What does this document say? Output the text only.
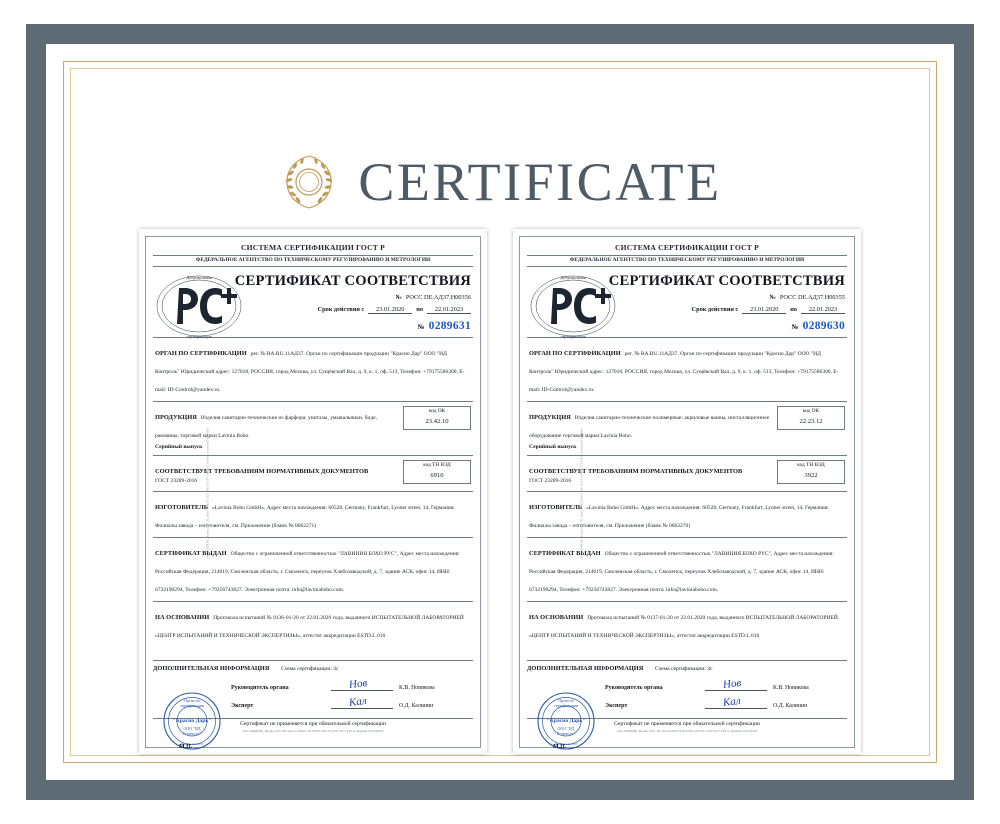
CERTIFICATE
ЗАО «ОПЦИОН», Москва, 2019, ЗН, Заказ № 0662271 ИСО 9001-2018 ТУ 2018, ГОСТ Р ИСО, лицензия 05-05-09/002
СИСТЕМА СЕРТИФИКАЦИИ ГОСТ Р
ФЕДЕРАЛЬНОЕ АГЕНТСТВО ПО ТЕХНИЧЕСКОМУ РЕГУЛИРОВАНИЮ И МЕТРОЛОГИИ
Добровольная
сертификация
СЕРТИФИКАТ СООТВЕТСТВИЯ
№ РОСС DE.АД37.Н00356
Срок действия с	23.01.2020	по	22.01.2023
№ 0289631
ОРГАН ПО СЕРТИФИКАЦИИ рег. № RA.RU.11АД37. Орган по сертификации продукции "Красно Дар" ООО "ИД Контроль" Юридический адрес: 127018, РОССИЯ, город Москва, ул. Сущёвский Вал, д. 9, к. 1, оф. 513, Телефон: +79175586300, E-mail: ID-Control@yandex.ru.
ПРОДУКЦИЯ Изделия санитарно-технические из фарфора: унитазы, умывальники, биде, раковины, торговой марки Lavinia Boho.
Серийный выпуск
код ОК
23.42.10
СООТВЕТСТВУЕТ ТРЕБОВАНИЯМ НОРМАТИВНЫХ ДОКУМЕНТОВ

ГОСТ 23289-2016

код ТН ВЭД
6910
ИЗГОТОВИТЕЛЬ «Lavinia Boho GmbH». Адрес места нахождения: 60528, Germany, Frankfurt, Lyoner street, 14, Германия; Филиалы завода – изготовителя, см. Приложение (бланк № 0662271)
СЕРТИФИКАТ ВЫДАН Общество с ограниченной ответственностью "ЛАВИНИЯ БОХО РУС", Адрес места нахождения: Российская Федерация, 214019, Смоленская область, г. Смоленск, переулок Хлебозаводской, д. 7, здание АСК, офис 14, ИНН: 6732190294, Телефон: +79256743827. Электронная почта: info@laviniaboho.com.
НА ОСНОВАНИИ Протокола испытаний № 0136-01-20 от 22.01.2020 года, выданного ИСПЫТАТЕЛЬНОЙ ЛАБОРАТОРИЕЙ «ЦЕНТР ИСПЫТАНИЙ И ТЕХНИЧЕСКОЙ ЭКСПЕРТИЗЫ», аттестат аккредитации ESTD.L.016
ДОПОЛНИТЕЛЬНАЯ ИНФОРМАЦИЯ Схема сертификации: 3c
Орган по
сертификации
"Красно Дарь"
ООО "ИД
Контроль"
RA.RU.11АД37
М.П.
Руководитель органа	Нов	К.В. Новикова
Эксперт	Кал	О.Д. Калинин
Сертификат не применяется при обязательной сертификации
ЗАО «ОПЦИОН», Москва, 2019, ЗН, Заказ № 0662271 ИСО 9001-2018 ТУ 2018, ГОСТ Р ИСО, лицензия 05-05-09/002
ЗАО «ОПЦИОН», Москва, 2019, ЗН, Заказ № 0662270 ИСО 9001-2018 ТУ 2018, ГОСТ Р ИСО, лицензия 05-05-09/002
СИСТЕМА СЕРТИФИКАЦИИ ГОСТ Р
ФЕДЕРАЛЬНОЕ АГЕНТСТВО ПО ТЕХНИЧЕСКОМУ РЕГУЛИРОВАНИЮ И МЕТРОЛОГИИ
Добровольная
сертификация
СЕРТИФИКАТ СООТВЕТСТВИЯ
№ РОСС DE.АД37.Н00355
Срок действия с	23.01.2020	по	22.01.2023
№ 0289630
ОРГАН ПО СЕРТИФИКАЦИИ рег. № RA.RU.11АД37. Орган по сертификации продукции "Красно Дар" ООО "ИД Контроль" Юридический адрес: 127018, РОССИЯ, город Москва, ул. Сущёвский Вал, д. 9, к. 1, оф. 513, Телефон: +79175586300, E-mail: ID-Control@yandex.ru.
ПРОДУКЦИЯ Изделия санитарно-технические полимерные: акриловые ванны, инсталляционное оборудование торговой марки Lavinia Boho.
Серийный выпуск
код ОК
22.23.12
СООТВЕТСТВУЕТ ТРЕБОВАНИЯМ НОРМАТИВНЫХ ДОКУМЕНТОВ

ГОСТ 23289-2016

код ТН ВЭД
3922
ИЗГОТОВИТЕЛЬ «Lavinia Boho GmbH». Адрес места нахождения: 60528, Germany, Frankfurt, Lyoner street, 14, Германия; Филиалы завода – изготовителя, см. Приложение (бланк № 0662270)
СЕРТИФИКАТ ВЫДАН Общество с ограниченной ответственностью "ЛАВИНИЯ БОХО РУС", Адрес места нахождения: Российская Федерация, 214019, Смоленская область, г. Смоленск, переулок Хлебозаводской, д. 7, здание АСК, офис 14, ИНН: 6732190294, Телефон: +79256743827. Электронная почта: info@laviniaboho.com.
НА ОСНОВАНИИ Протокола испытаний № 0137-01-20 от 22.01.2020 года, выданного ИСПЫТАТЕЛЬНОЙ ЛАБОРАТОРИЕЙ «ЦЕНТР ИСПЫТАНИЙ И ТЕХНИЧЕСКОЙ ЭКСПЕРТИЗЫ», аттестат аккредитации ESTD.L.016
ДОПОЛНИТЕЛЬНАЯ ИНФОРМАЦИЯ Схема сертификации: 3c
Орган по
сертификации
"Красно Дарь"
ООО "ИД
Контроль"
RA.RU.11АД37
М.П.
Руководитель органа	Нов	К.В. Новикова
Эксперт	Кал	О.Д. Калинин
Сертификат не применяется при обязательной сертификации
ЗАО «ОПЦИОН», Москва, 2019, ЗН, Заказ № 0662270 ИСО 9001-2018 ТУ 2018, ГОСТ Р ИСО, лицензия 05-05-09/002
